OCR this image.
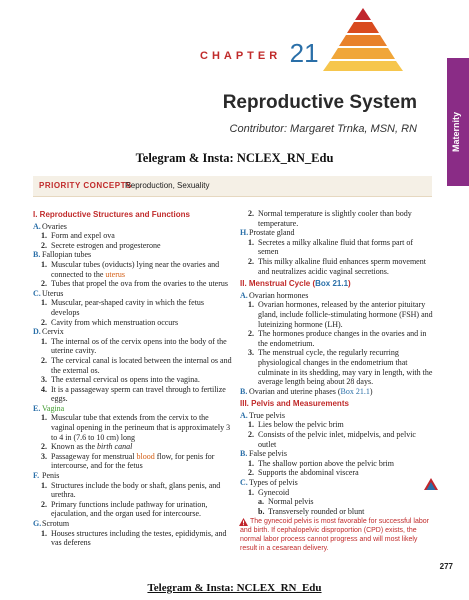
Maternity
CHAPTER 21
Reproductive System
Contributor: Margaret Trnka, MSN, RN
Telegram & Insta: NCLEX_RN_Edu
PRIORITY CONCEPTS
Reproduction, Sexuality
I. Reproductive Structures and Functions
A. Ovaries
1. Form and expel ova
2. Secrete estrogen and progesterone
B. Fallopian tubes
1. Muscular tubes (oviducts) lying near the ovaries and connected to the uterus
2. Tubes that propel the ova from the ovaries to the uterus
C. Uterus
1. Muscular, pear-shaped cavity in which the fetus develops
2. Cavity from which menstruation occurs
D. Cervix
1. The internal os of the cervix opens into the body of the uterine cavity.
2. The cervical canal is located between the internal os and the external os.
3. The external cervical os opens into the vagina.
4. It is a passageway sperm can travel through to fertilize eggs.
E. Vagina
1. Muscular tube that extends from the cervix to the vaginal opening in the perineum that is approximately 3 to 4 in (7.6 to 10 cm) long
2. Known as the birth canal
3. Passageway for menstrual blood flow, for penis for intercourse, and for the fetus
F. Penis
1. Structures include the body or shaft, glans penis, and urethra.
2. Primary functions include pathway for urination, ejaculation, and the organ used for intercourse.
G. Scrotum
1. Houses structures including the testes, epididymis, and vas deferens
2. Normal temperature is slightly cooler than body temperature.
H. Prostate gland
1. Secretes a milky alkaline fluid that forms part of semen
2. This milky alkaline fluid enhances sperm movement and neutralizes acidic vaginal secretions.
II. Menstrual Cycle (Box 21.1)
A. Ovarian hormones
1. Ovarian hormones, released by the anterior pituitary gland, include follicle-stimulating hormone (FSH) and luteinizing hormone (LH).
2. The hormones produce changes in the ovaries and in the endometrium.
3. The menstrual cycle, the regularly recurring physiological changes in the endometrium that culminate in its shedding, may vary in length, with the average length being about 28 days.
B. Ovarian and uterine phases (Box 21.1)
III. Pelvis and Measurements
A. True pelvis
1. Lies below the pelvic brim
2. Consists of the pelvic inlet, midpelvis, and pelvic outlet
B. False pelvis
1. The shallow portion above the pelvic brim
2. Supports the abdominal viscera
C. Types of pelvis
1. Gynecoid
a. Normal pelvis
b. Transversely rounded or blunt
The gynecoid pelvis is most favorable for successful labor and birth. If cephalopelvic disproportion (CPD) exists, the normal labor process cannot progress and will most likely result in a cesarean delivery.
277
Telegram & Insta: NCLEX_RN_Edu
